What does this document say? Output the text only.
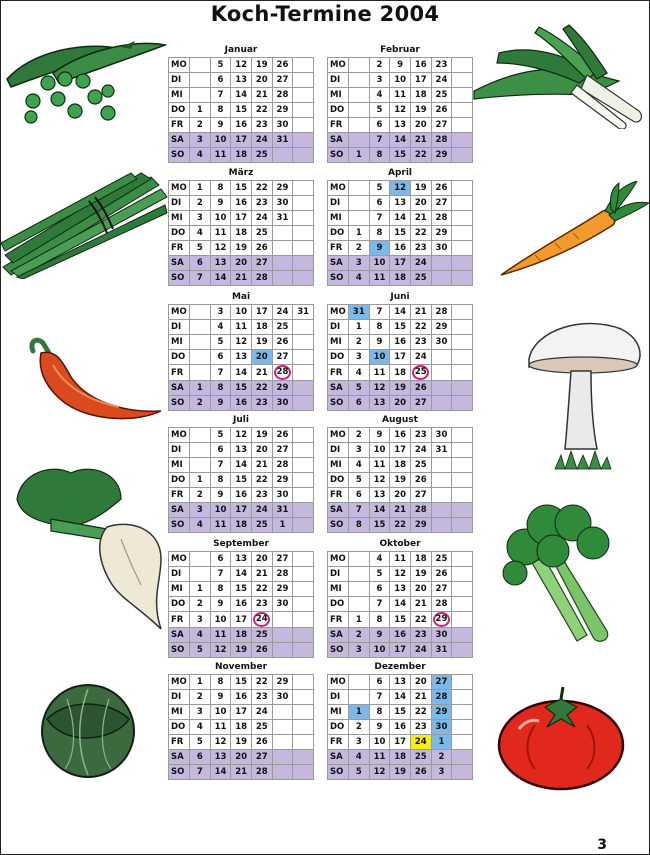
Koch-Termine 2004
Januar
MO		5	12	19	26	
DI		6	13	20	27	
MI		7	14	21	28	
DO	1	8	15	22	29	
FR	2	9	16	23	30	
SA	3	10	17	24	31	
SO	4	11	18	25		
Februar
MO		2	9	16	23	
DI		3	10	17	24	
MI		4	11	18	25	
DO		5	12	19	26	
FR		6	13	20	27	
SA		7	14	21	28	
SO	1	8	15	22	29	
März
MO	1	8	15	22	29	
DI	2	9	16	23	30	
MI	3	10	17	24	31	
DO	4	11	18	25		
FR	5	12	19	26		
SA	6	13	20	27		
SO	7	14	21	28		
April
MO		5	12	19	26	
DI		6	13	20	27	
MI		7	14	21	28	
DO	1	8	15	22	29	
FR	2	9	16	23	30	
SA	3	10	17	24		
SO	4	11	18	25		
Mai
MO		3	10	17	24	31
DI		4	11	18	25	
MI		5	12	19	26	
DO		6	13	20	27	
FR		7	14	21	28	
SA	1	8	15	22	29	
SO	2	9	16	23	30	
Juni
MO	31	7	14	21	28	
DI	1	8	15	22	29	
MI	2	9	16	23	30	
DO	3	10	17	24		
FR	4	11	18	25		
SA	5	12	19	26		
SO	6	13	20	27		
Juli
MO		5	12	19	26	
DI		6	13	20	27	
MI		7	14	21	28	
DO	1	8	15	22	29	
FR	2	9	16	23	30	
SA	3	10	17	24	31	
SO	4	11	18	25	1	
August
MO	2	9	16	23	30	
DI	3	10	17	24	31	
MI	4	11	18	25		
DO	5	12	19	26		
FR	6	13	20	27		
SA	7	14	21	28		
SO	8	15	22	29		
September
MO		6	13	20	27	
DI		7	14	21	28	
MI	1	8	15	22	29	
DO	2	9	16	23	30	
FR	3	10	17	24		
SA	4	11	18	25		
SO	5	12	19	26		
Oktober
MO		4	11	18	25	
DI		5	12	19	26	
MI		6	13	20	27	
DO		7	14	21	28	
FR	1	8	15	22	29	
SA	2	9	16	23	30	
SO	3	10	17	24	31	
November
MO	1	8	15	22	29	
DI	2	9	16	23	30	
MI	3	10	17	24		
DO	4	11	18	25		
FR	5	12	19	26		
SA	6	13	20	27		
SO	7	14	21	28		
Dezember
MO		6	13	20	27	
DI		7	14	21	28	
MI	1	8	15	22	29	
DO	2	9	16	23	30	
FR	3	10	17	24	1	
SA	4	11	18	25	2	
SO	5	12	19	26	3	
3
